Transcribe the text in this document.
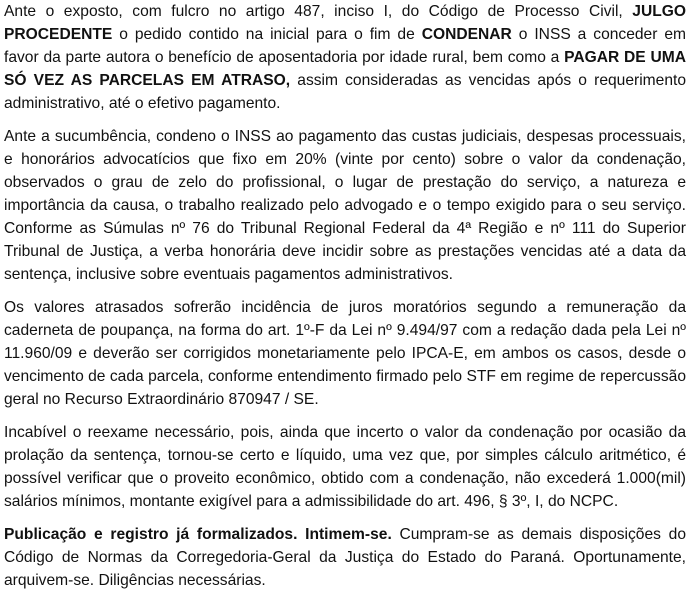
Ante o exposto, com fulcro no artigo 487, inciso I, do Código de Processo Civil, JULGO PROCEDENTE o pedido contido na inicial para o fim de CONDENAR o INSS a conceder em favor da parte autora o benefício de aposentadoria por idade rural, bem como a PAGAR DE UMA SÓ VEZ AS PARCELAS EM ATRASO, assim consideradas as vencidas após o requerimento administrativo, até o efetivo pagamento.

Ante a sucumbência, condeno o INSS ao pagamento das custas judiciais, despesas processuais, e honorários advocatícios que fixo em 20% (vinte por cento) sobre o valor da condenação, observados o grau de zelo do profissional, o lugar de prestação do serviço, a natureza e importância da causa, o trabalho realizado pelo advogado e o tempo exigido para o seu serviço. Conforme as Súmulas nº 76 do Tribunal Regional Federal da 4ª Região e nº 111 do Superior Tribunal de Justiça, a verba honorária deve incidir sobre as prestações vencidas até a data da sentença, inclusive sobre eventuais pagamentos administrativos.

Os valores atrasados sofrerão incidência de juros moratórios segundo a remuneração da caderneta de poupança, na forma do art. 1º-F da Lei nº 9.494/97 com a redação dada pela Lei nº 11.960/09 e deverão ser corrigidos monetariamente pelo IPCA-E, em ambos os casos, desde o vencimento de cada parcela, conforme entendimento firmado pelo STF em regime de repercussão geral no Recurso Extraordinário 870947 / SE.

Incabível o reexame necessário, pois, ainda que incerto o valor da condenação por ocasião da prolação da sentença, tornou-se certo e líquido, uma vez que, por simples cálculo aritmético, é possível verificar que o proveito econômico, obtido com a condenação, não excederá 1.000(mil) salários mínimos, montante exigível para a admissibilidade do art. 496, § 3º, I, do NCPC.

Publicação e registro já formalizados. Intimem-se. Cumpram-se as demais disposições do Código de Normas da Corregedoria-Geral da Justiça do Estado do Paraná. Oportunamente, arquivem-se. Diligências necessárias.
